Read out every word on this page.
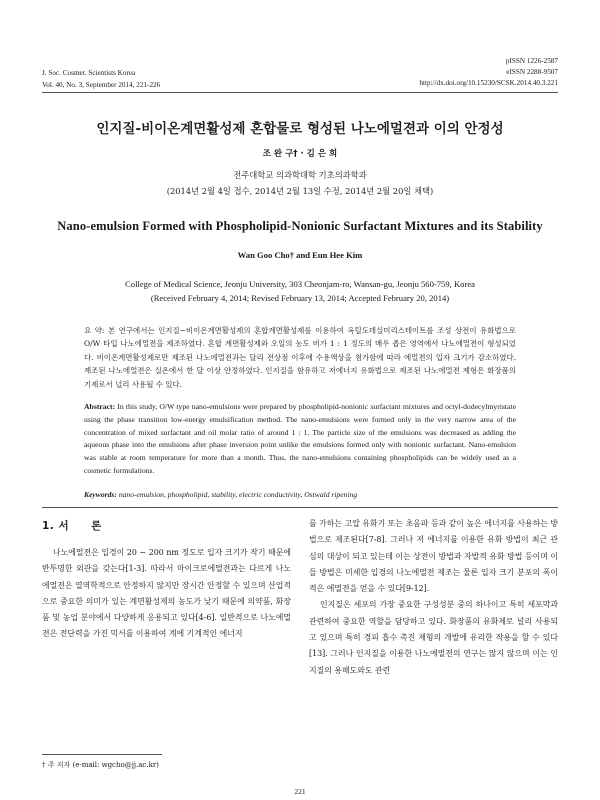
J. Soc. Cosmet. Scientists Korea
Vol. 40, No. 3, September 2014, 221-226
pISSN 1226-2587
eISSN 2288-9507
http://dx.doi.org/10.15230/SCSK.2014.40.3.221
인지질-비이온계면활성제 혼합물로 형성된 나노에멀젼과 이의 안정성
조 완 구† · 김 은 희
전주대학교 의과학대학 기초의과학과
(2014년 2월 4일 접수, 2014년 2월 13일 수정, 2014년 2월 20일 채택)
Nano-emulsion Formed with Phospholipid-Nonionic Surfactant Mixtures and its Stability
Wan Goo Cho† and Eun Hee Kim
College of Medical Science, Jeonju University, 303 Cheonjam-ro, Wansan-gu, Jeonju 560-759, Korea
(Received February 4, 2014; Revised February 13, 2014; Accepted February 20, 2014)
요 약: 본 연구에서는 인지질−비이온계면활성제의 혼합계면활성제를 이용하여 옥틸도데실미리스테이트를 조성 상전이 유화법으로 O/W 타입 나노에멀젼을 제조하였다. 혼합 계면활성제와 오일의 농도 비가 1 : 1 정도의 매우 좁은 영역에서 나노에멀젼이 형성되었다. 비이온계면활성제로만 제조된 나노에멀젼과는 달리 전상점 이후에 수용액상을 첨가함에 따라 에멀젼의 입자 크기가 감소하였다. 제조된 나노에멀젼은 실온에서 한 달 이상 안정하였다. 인지질을 함유하고 저에너지 유화법으로 제조된 나노에멀젼 제형은 화장품의 기제로서 널리 사용될 수 있다.
Abstract: In this study, O/W type nano-emulsions were prepared by phospholipid-nonionic surfactant mixtures and octyl-dodecylmyristate using the phase transition low-energy emulsification method. The nano-emulsions were formed only in the very narrow area of the concentration of mixed surfactant and oil molar ratio of around 1 : 1. The particle size of the emulsions was decreased as adding the aqueous phase into the emulsions after phase inversion point unlike the emulsions formed only with nonionic surfactant. Nano-emulsion was stable at room temperature for more than a month. Thus, the nano-emulsions containing phospholipids can be widely used as a cosmetic formulations.
Keywords: nano-emulsion, phospholipid, stability, electric conductivity, Ostwald ripening
1. 서　　론

나노에멀젼은 입경이 20 ∼ 200 nm 정도로 입자 크기가 작기 때문에 반투명한 외관을 갖는다[1-3]. 따라서 마이크로에멀젼과는 다르게 나노에멀젼은 열역학적으로 안정하지 않지만 장시간 안정할 수 있으며 산업적으로 중요한 의미가 있는 계면활성제의 농도가 낮기 때문에 의약품, 화장품 및 농업 분야에서 다양하게 응용되고 있다[4-6]. 일반적으로 나노에멀젼은 전단력을 가진 믹서를 이용하여 계에 기계적인 에너지

를 가하는 고압 유화기 또는 초음파 등과 같이 높은 에너지를 사용하는 방법으로 제조된다[7-8]. 그러나 저 에너지를 이용한 유화 방법이 최근 관심의 대상이 되고 있는데 이는 상전이 방법과 자발적 유화 방법 등이며 이들 방법은 미세한 입경의 나노에멀젼 제조는 물론 입자 크기 분포의 폭이 적은 에멀젼을 얻을 수 있다[9-12].

인지질은 세포의 가장 중요한 구성성분 중의 하나이고 특히 세포막과 관련하여 중요한 역할을 담당하고 있다. 화장품의 유화제로 널리 사용되고 있으며 특히 경피 흡수 촉진 제형의 개발에 유리한 작용을 할 수 있다[13]. 그러나 인지질을 이용한 나노에멀젼의 연구는 많지 않으며 이는 인지질의 용해도와도 관련

† 주 저자 (e-mail: wgcho@jj.ac.kr)
221
